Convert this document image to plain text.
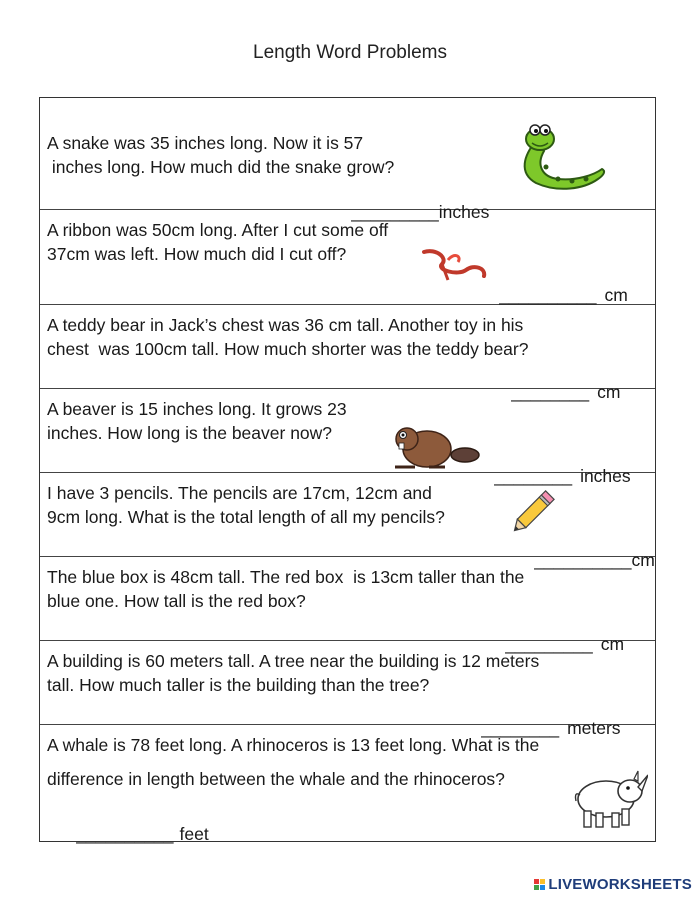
Length Word Problems
A snake was 35 inches long. Now it is 57
inches long. How much did the snake grow?

_________inches

A ribbon was 50cm long. After I cut some off
37cm was left. How much did I cut off?

__________ cm

A teddy bear in Jack’s chest was 36 cm tall. Another toy in his
chest  was 100cm tall. How much shorter was the teddy bear?

________ cm

A beaver is 15 inches long. It grows 23
inches. How long is the beaver now?

________ inches

I have 3 pencils. The pencils are 17cm, 12cm and
9cm long. What is the total length of all my pencils?

__________cm

The blue box is 48cm tall. The red box  is 13cm taller than the
blue one. How tall is the red box?

_________ cm

A building is 60 meters tall. A tree near the building is 12 meters
tall. How much taller is the building than the tree?

________ meters

A whale is 78 feet long. A rhinoceros is 13 feet long. What is the
difference in length between the whale and the rhinoceros?

__________ feet

LIVEWORKSHEETS
